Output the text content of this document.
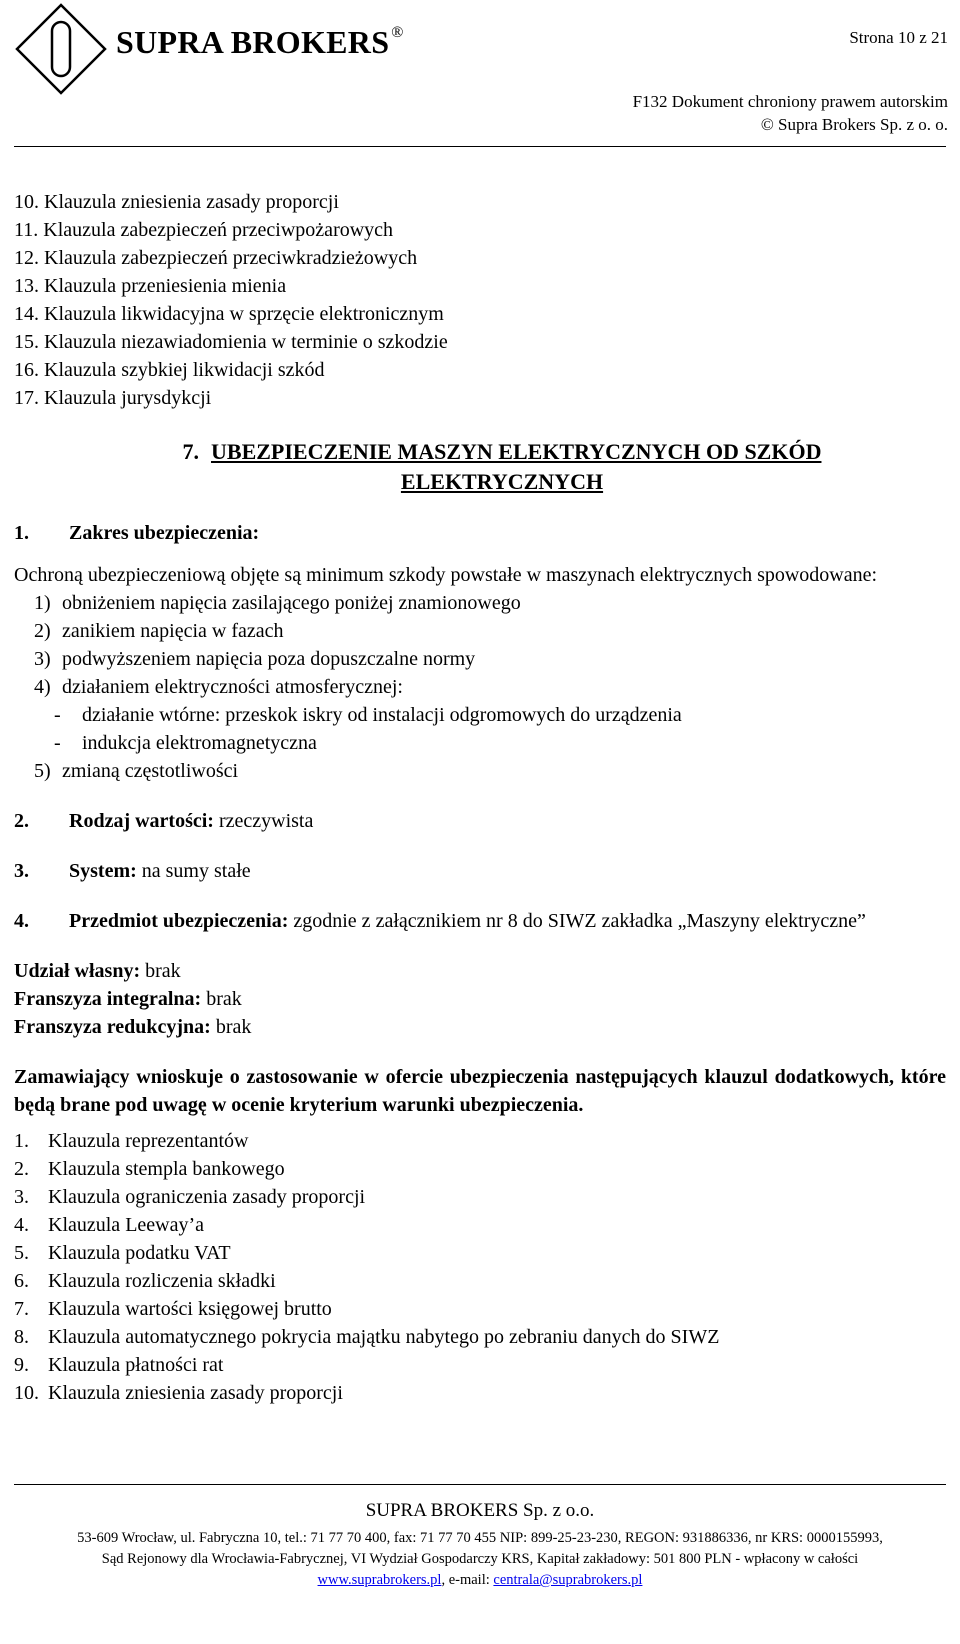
SUPRA BROKERS ®	Strona 10 z 21
F132 Dokument chroniony prawem autorskim
© Supra Brokers Sp. z o. o.
10. Klauzula zniesienia zasady proporcji
11. Klauzula zabezpieczeń przeciwpożarowych
12. Klauzula zabezpieczeń przeciwkradzieżowych
13. Klauzula przeniesienia mienia
14. Klauzula likwidacyjna w sprzęcie elektronicznym
15. Klauzula niezawiadomienia w terminie o szkodzie
16. Klauzula szybkiej likwidacji szkód
17. Klauzula jurysdykcji
7. UBEZPIECZENIE MASZYN ELEKTRYCZNYCH OD SZKÓD
ELEKTRYCZNYCH
1.	Zakres ubezpieczenia:
Ochroną ubezpieczeniową objęte są minimum szkody powstałe w maszynach elektrycznych spowodowane:
1) obniżeniem napięcia zasilającego poniżej znamionowego
2) zanikiem napięcia w fazach
3) podwyższeniem napięcia poza dopuszczalne normy
4) działaniem elektryczności atmosferycznej:
-	działanie wtórne: przeskok iskry od instalacji odgromowych do urządzenia
-	indukcja elektromagnetyczna
5) zmianą częstotliwości
2.	Rodzaj wartości: rzeczywista
3.	System: na sumy stałe
4.	Przedmiot ubezpieczenia: zgodnie z załącznikiem nr 8 do SIWZ zakładka „Maszyny elektryczne”
Udział własny: brak
Franszyza integralna: brak
Franszyza redukcyjna: brak
Zamawiający wnioskuje o zastosowanie w ofercie ubezpieczenia następujących klauzul dodatkowych, które będą brane pod uwagę w ocenie kryterium warunki ubezpieczenia.
1. Klauzula reprezentantów
2. Klauzula stempla bankowego
3. Klauzula ograniczenia zasady proporcji
4. Klauzula Leeway’a
5. Klauzula podatku VAT
6. Klauzula rozliczenia składki
7. Klauzula wartości księgowej brutto
8. Klauzula automatycznego pokrycia majątku nabytego po zebraniu danych do SIWZ
9. Klauzula płatności rat
10. Klauzula zniesienia zasady proporcji
SUPRA BROKERS Sp. z o.o.
53-609 Wrocław, ul. Fabryczna 10, tel.: 71 77 70 400, fax: 71 77 70 455 NIP: 899-25-23-230, REGON: 931886336, nr KRS: 0000155993,
Sąd Rejonowy dla Wrocławia-Fabrycznej, VI Wydział Gospodarczy KRS, Kapitał zakładowy: 501 800 PLN - wpłacony w całości
www.suprabrokers.pl, e-mail: centrala@suprabrokers.pl
